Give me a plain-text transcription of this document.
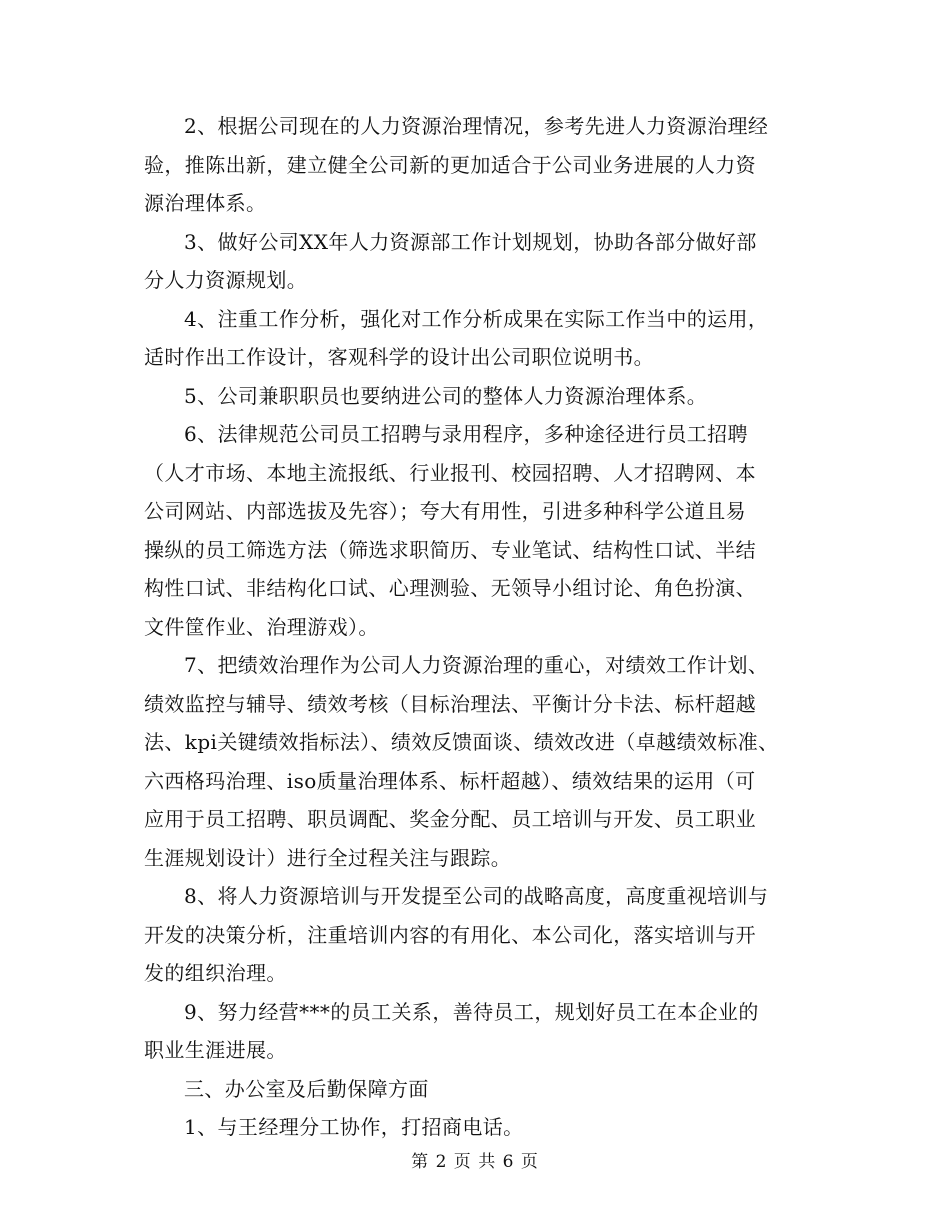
2、根据公司现在的人力资源治理情况，参考先进人力资源治理经
验，推陈出新，建立健全公司新的更加适合于公司业务进展的人力资
源治理体系。
3、做好公司XX年人力资源部工作计划规划，协助各部分做好部
分人力资源规划。
4、注重工作分析，强化对工作分析成果在实际工作当中的运用，
适时作出工作设计，客观科学的设计出公司职位说明书。
5、公司兼职职员也要纳进公司的整体人力资源治理体系。
6、法律规范公司员工招聘与录用程序，多种途径进行员工招聘
（人才市场、本地主流报纸、行业报刊、校园招聘、人才招聘网、本
公司网站、内部选拔及先容）；夸大有用性，引进多种科学公道且易
操纵的员工筛选方法（筛选求职简历、专业笔试、结构性口试、半结
构性口试、非结构化口试、心理测验、无领导小组讨论、角色扮演、
文件筐作业、治理游戏）。
7、把绩效治理作为公司人力资源治理的重心，对绩效工作计划、
绩效监控与辅导、绩效考核（目标治理法、平衡计分卡法、标杆超越
法、kpi关键绩效指标法）、绩效反馈面谈、绩效改进（卓越绩效标准、
六西格玛治理、iso质量治理体系、标杆超越）、绩效结果的运用（可
应用于员工招聘、职员调配、奖金分配、员工培训与开发、员工职业
生涯规划设计）进行全过程关注与跟踪。
8、将人力资源培训与开发提至公司的战略高度，高度重视培训与
开发的决策分析，注重培训内容的有用化、本公司化，落实培训与开
发的组织治理。
9、努力经营***的员工关系，善待员工，规划好员工在本企业的
职业生涯进展。
三、办公室及后勤保障方面
1、与王经理分工协作，打招商电话。
第 2 页 共 6 页
